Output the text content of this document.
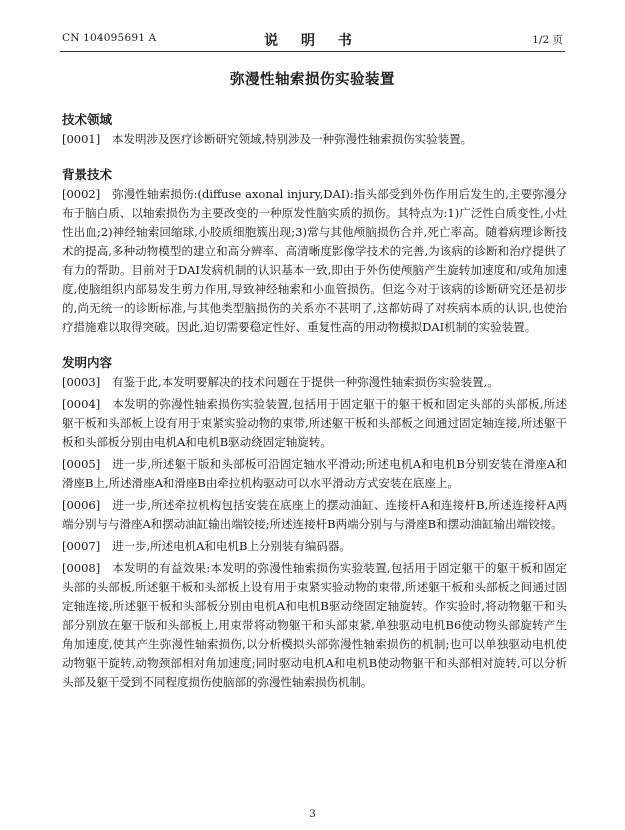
CN 104095691 A	说 明 书	1/2 页
弥漫性轴索损伤实验装置
技术领域
[0001] 本发明涉及医疗诊断研究领域,特别涉及一种弥漫性轴索损伤实验装置。
背景技术
[0002] 弥漫性轴索损伤:(diffuse axonal injury,DAI):指头部受到外伤作用后发生的,主要弥漫分布于脑白质、以轴索损伤为主要改变的一种原发性脑实质的损伤。其特点为:1)广泛性白质变性,小灶性出血;2)神经轴索回缩球,小胶质细胞簇出现;3)常与其他颅脑损伤合并,死亡率高。随着病理诊断技术的提高,多种动物模型的建立和高分辨率、高清晰度影像学技术的完善,为该病的诊断和治疗提供了有力的帮助。目前对于DAI发病机制的认识基本一致,即由于外伤使颅脑产生旋转加速度和/或角加速度,使脑组织内部易发生剪力作用,导致神经轴索和小血管损伤。但迄今对于该病的诊断研究还是初步的,尚无统一的诊断标准,与其他类型脑损伤的关系亦不甚明了,这都妨碍了对疾病本质的认识,也使治疗措施难以取得突破。因此,迫切需要稳定性好、重复性高的用动物模拟DAI机制的实验装置。
发明内容
[0003] 有鉴于此,本发明要解决的技术问题在于提供一种弥漫性轴索损伤实验装置,。
[0004] 本发明的弥漫性轴索损伤实验装置,包括用于固定躯干的躯干板和固定头部的头部板,所述躯干板和头部板上设有用于束紧实验动物的束带,所述躯干板和头部板之间通过固定轴连接,所述躯干板和头部板分别由电机A和电机B驱动绕固定轴旋转。
[0005] 进一步,所述躯干版和头部板可沿固定轴水平滑动;所述电机A和电机B分别安装在滑座A和滑座B上,所述滑座A和滑座B由牵拉机构驱动可以水平滑动方式安装在底座上。
[0006] 进一步,所述牵拉机构包括安装在底座上的摆动油缸、连接杆A和连接杆B,所述连接杆A两端分别与与滑座A和摆动油缸输出端铰接;所述连接杆B两端分别与与滑座B和摆动油缸输出端铰接。
[0007] 进一步,所述电机A和电机B上分别装有编码器。
[0008] 本发明的有益效果:本发明的弥漫性轴索损伤实验装置,包括用于固定躯干的躯干板和固定头部的头部板,所述躯干板和头部板上设有用于束紧实验动物的束带,所述躯干板和头部板之间通过固定轴连接,所述躯干板和头部板分别由电机A和电机B驱动绕固定轴旋转。作实验时,将动物躯干和头部分别放在躯干版和头部板上,用束带将动物躯干和头部束紧,单独驱动电机B6使动物头部旋转产生角加速度,使其产生弥漫性轴索损伤,以分析模拟头部弥漫性轴索损伤的机制;也可以单独驱动电机使动物躯干旋转,动物颈部相对角加速度;同时驱动电机A和电机B使动物躯干和头部相对旋转,可以分析头部及躯干受到不同程度损伤使脑部的弥漫性轴索损伤机制。
3
